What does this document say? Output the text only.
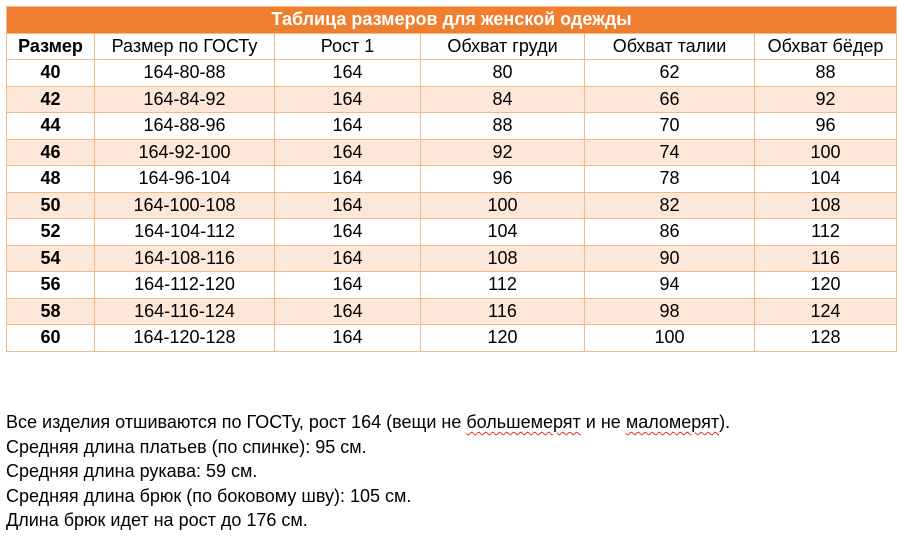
Таблица размеров для женской одежды					
Размер	Размер по ГОСТу	Рост 1	Обхват груди	Обхват талии	Обхват бёдер
40	164-80-88	164	80	62	88
42	164-84-92	164	84	66	92
44	164-88-96	164	88	70	96
46	164-92-100	164	92	74	100
48	164-96-104	164	96	78	104
50	164-100-108	164	100	82	108
52	164-104-112	164	104	86	112
54	164-108-116	164	108	90	116
56	164-112-120	164	112	94	120
58	164-116-124	164	116	98	124
60	164-120-128	164	120	100	128

Все изделия отшиваются по ГОСТу, рост 164 (вещи не большемерят и не маломерят).

Средняя длина платьев (по спинке): 95 см.

Средняя длина рукава: 59 см.

Средняя длина брюк (по боковому шву): 105 см.

Длина брюк идет на рост до 176 см.
